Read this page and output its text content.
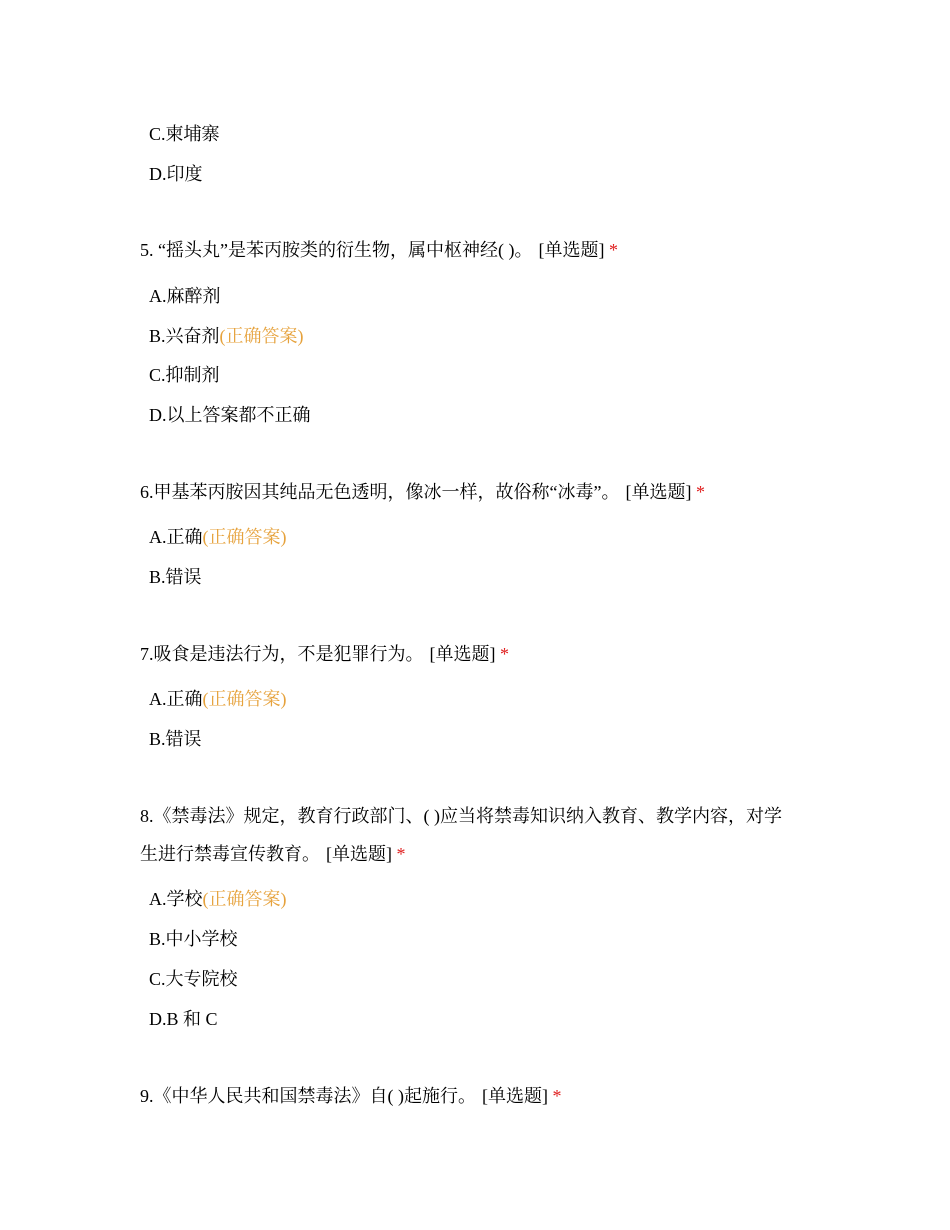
C.柬埔寨
D.印度
5. “摇头丸”是苯丙胺类的衍生物，属中枢神经( )。 [单选题] *
A.麻醉剂
B.兴奋剂(正确答案)
C.抑制剂
D.以上答案都不正确
6.甲基苯丙胺因其纯品无色透明，像冰一样，故俗称“冰毒”。 [单选题] *
A.正确(正确答案)
B.错误
7.吸食是违法行为，不是犯罪行为。 [单选题] *
A.正确(正确答案)
B.错误
8.《禁毒法》规定，教育行政部门、( )应当将禁毒知识纳入教育、教学内容，对学
生进行禁毒宣传教育。 [单选题] *
A.学校(正确答案)
B.中小学校
C.大专院校
D.B 和 C
9.《中华人民共和国禁毒法》自( )起施行。 [单选题] *
